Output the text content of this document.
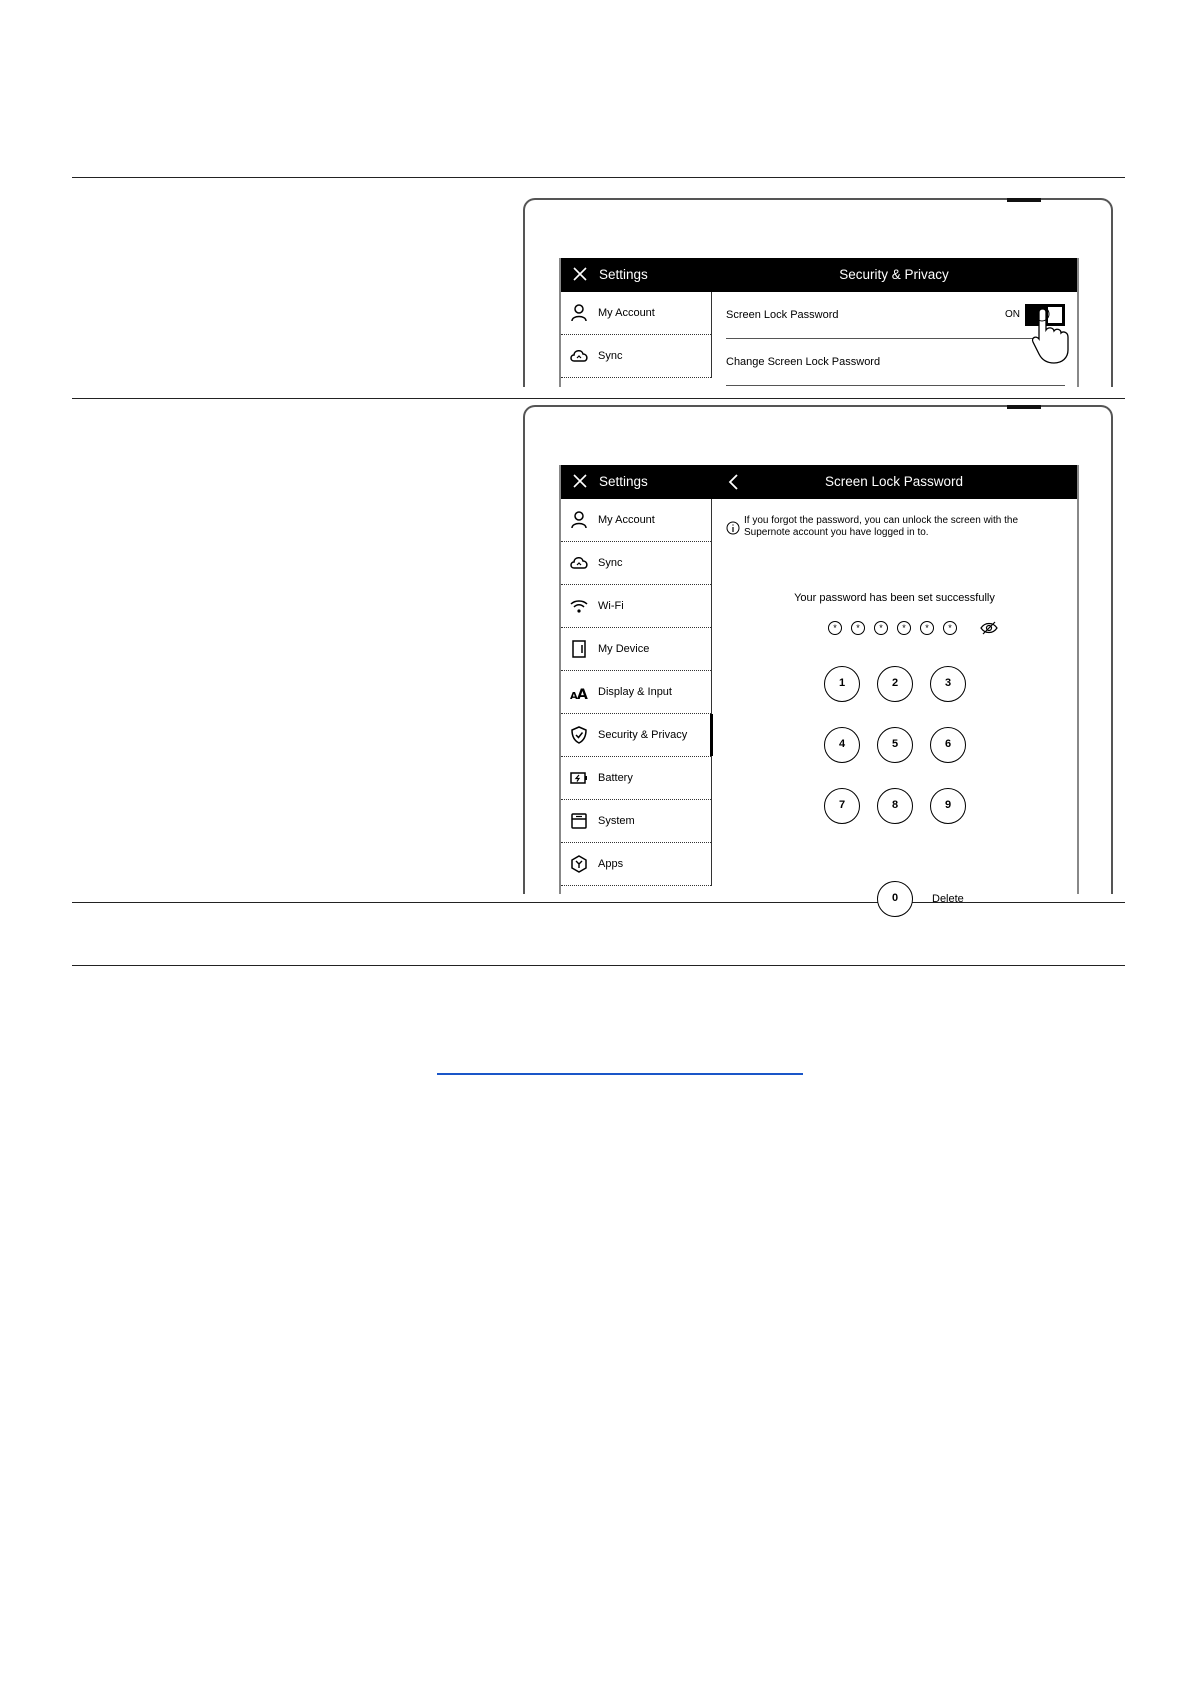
Settings	Security & Privacy
My Account
Sync
Screen Lock Password	ON
Change Screen Lock Password
Settings	Screen Lock Password
My Account
Sync
Wi-Fi
My Device
A A Display & Input
Security & Privacy
Battery
System
Apps
If you forgot the password, you can unlock the screen with the Supernote account you have logged in to.
Your password has been set successfully
*	*	*	*	*	*
1	2	3
4	5	6
7	8	9
0	Delete
